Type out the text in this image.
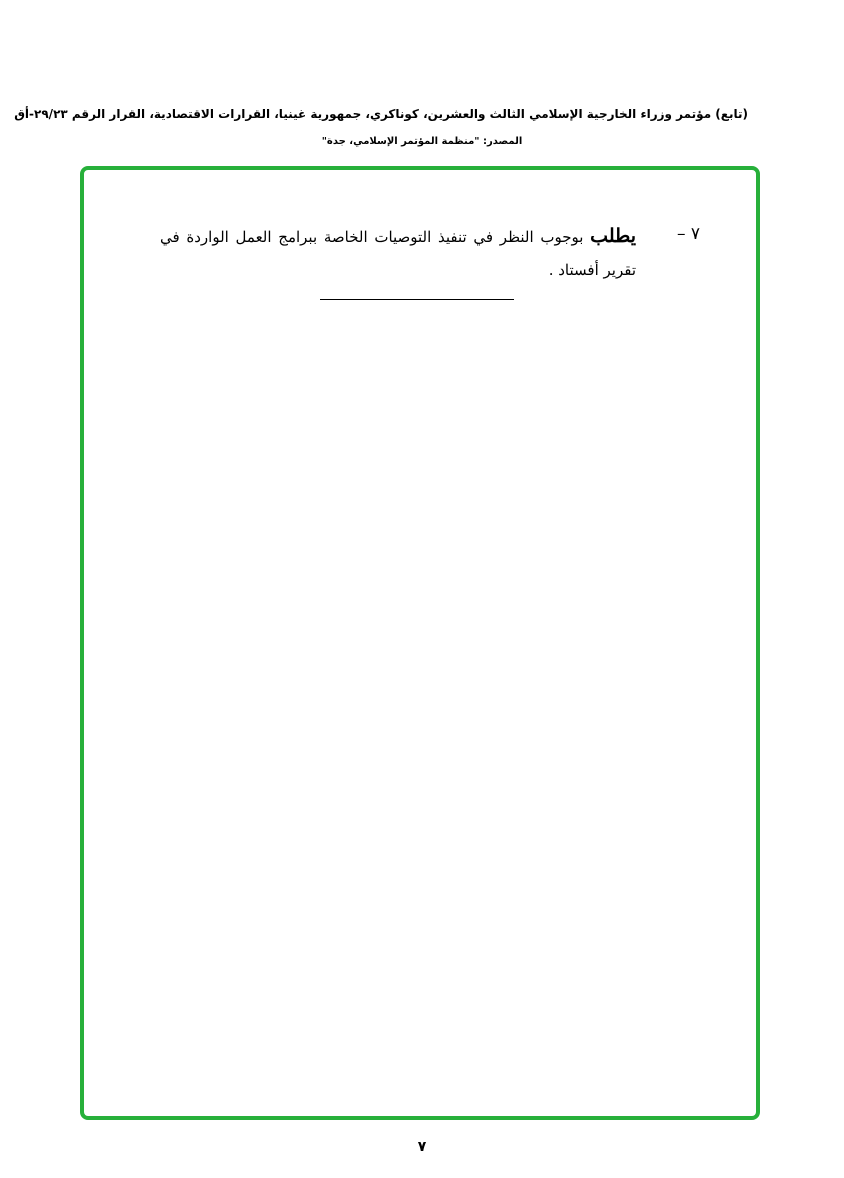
(تابع) مؤتمر وزراء الخارجية الإسلامي الثالث والعشرين، كوناكري، جمهورية غينيا، القرارات الاقتصادية، القرار الرقم ٢٩/٢٣-أق
المصدر: "منظمة المؤتمر الإسلامي، جدة"
٧ –
يطلب بوجوب النظر في تنفيذ التوصيات الخاصة ببرامج العمل الواردة في تقرير أفستاد .
٧
